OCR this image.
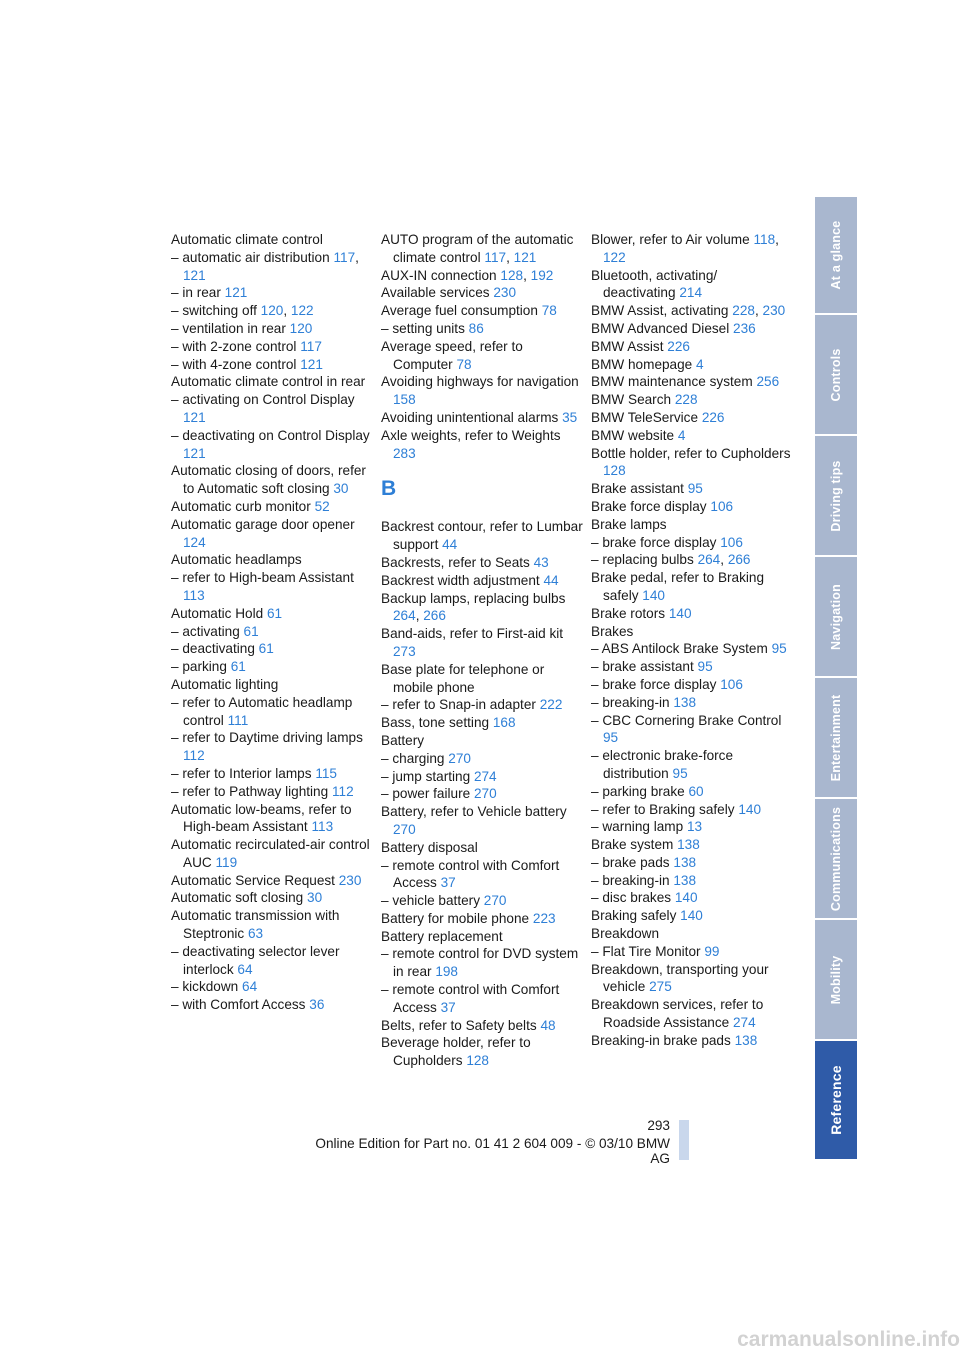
Automatic climate control
– automatic air distribution 117, 121
– in rear 121
– switching off 120, 122
– ventilation in rear 120
– with 2-zone control 117
– with 4-zone control 121
Automatic climate control in rear
– activating on Control Display 121
– deactivating on Control Display 121
Automatic closing of doors, refer to Automatic soft closing 30
Automatic curb monitor 52
Automatic garage door opener 124
Automatic headlamps
– refer to High-beam Assistant 113
Automatic Hold 61
– activating 61
– deactivating 61
– parking 61
Automatic lighting
– refer to Automatic headlamp control 111
– refer to Daytime driving lamps 112
– refer to Interior lamps 115
– refer to Pathway lighting 112
Automatic low-beams, refer to High-beam Assistant 113
Automatic recirculated-air control AUC 119
Automatic Service Request 230
Automatic soft closing 30
Automatic transmission with Steptronic 63
– deactivating selector lever interlock 64
– kickdown 64
– with Comfort Access 36
AUTO program of the automatic climate control 117, 121
AUX-IN connection 128, 192
Available services 230
Average fuel consumption 78
– setting units 86
Average speed, refer to Computer 78
Avoiding highways for navigation 158
Avoiding unintentional alarms 35
Axle weights, refer to Weights 283
B
Backrest contour, refer to Lumbar support 44
Backrests, refer to Seats 43
Backrest width adjustment 44
Backup lamps, replacing bulbs 264, 266
Band-aids, refer to First-aid kit 273
Base plate for telephone or mobile phone
– refer to Snap-in adapter 222
Bass, tone setting 168
Battery
– charging 270
– jump starting 274
– power failure 270
Battery, refer to Vehicle battery 270
Battery disposal
– remote control with Comfort Access 37
– vehicle battery 270
Battery for mobile phone 223
Battery replacement
– remote control for DVD system in rear 198
– remote control with Comfort Access 37
Belts, refer to Safety belts 48
Beverage holder, refer to Cupholders 128
Blower, refer to Air volume 118, 122
Bluetooth, activating/ deactivating 214
BMW Assist, activating 228, 230
BMW Advanced Diesel 236
BMW Assist 226
BMW homepage 4
BMW maintenance system 256
BMW Search 228
BMW TeleService 226
BMW website 4
Bottle holder, refer to Cupholders 128
Brake assistant 95
Brake force display 106
Brake lamps
– brake force display 106
– replacing bulbs 264, 266
Brake pedal, refer to Braking safely 140
Brake rotors 140
Brakes
– ABS Antilock Brake System 95
– brake assistant 95
– brake force display 106
– breaking-in 138
– CBC Cornering Brake Control 95
– electronic brake-force distribution 95
– parking brake 60
– refer to Braking safely 140
– warning lamp 13
Brake system 138
– brake pads 138
– breaking-in 138
– disc brakes 140
Braking safely 140
Breakdown
– Flat Tire Monitor 99
Breakdown, transporting your vehicle 275
Breakdown services, refer to Roadside Assistance 274
Breaking-in brake pads 138
At a glance
Controls
Driving tips
Navigation
Entertainment
Communications
Mobility
Reference
293
Online Edition for Part no. 01 41 2 604 009 - © 03/10 BMW AG
carmanualsonline.info
